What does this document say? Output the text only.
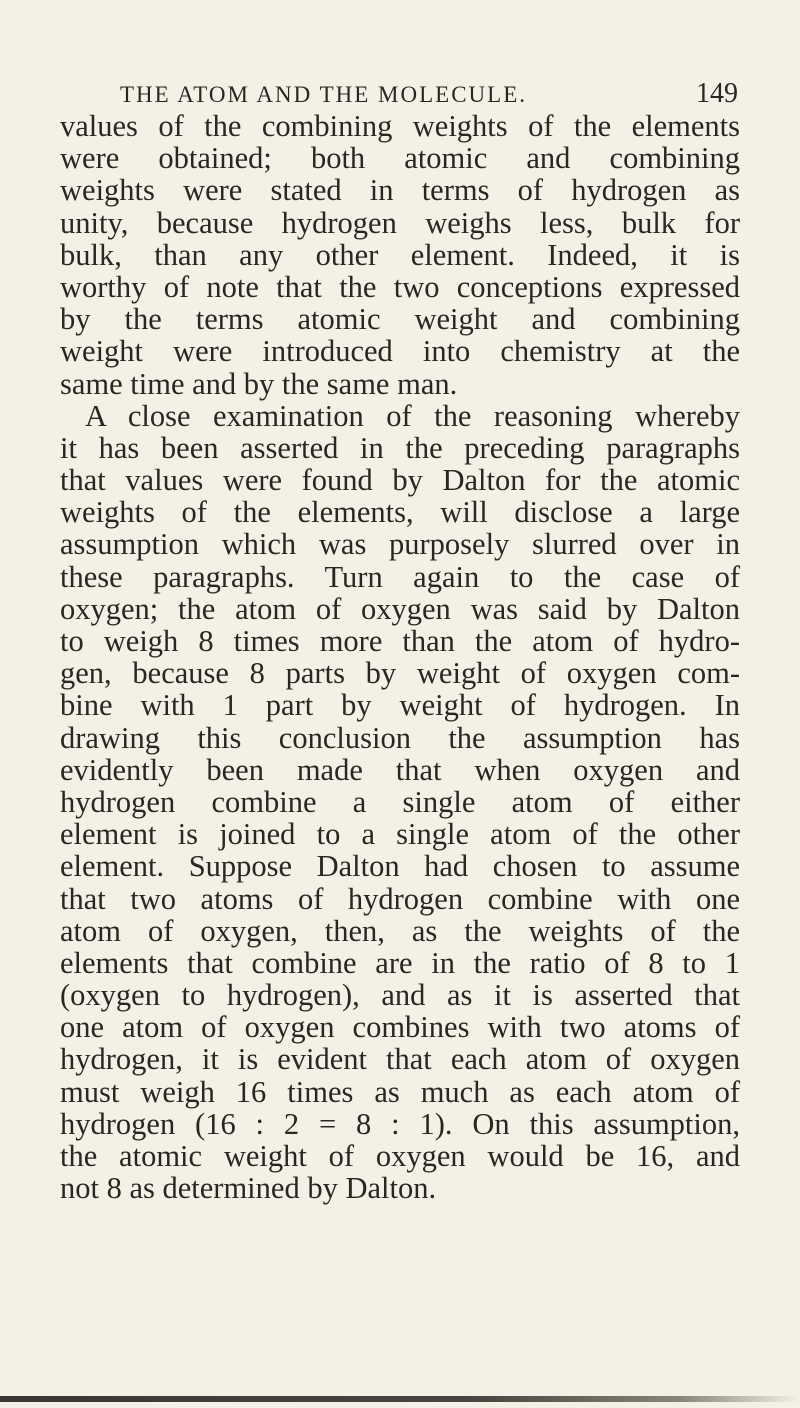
THE ATOM AND THE MOLECULE.	149
values of the combining weights of the elements
were obtained; both atomic and combining
weights were stated in terms of hydrogen as
unity, because hydrogen weighs less, bulk for
bulk, than any other element. Indeed, it is
worthy of note that the two conceptions expressed
by the terms atomic weight and combining
weight were introduced into chemistry at the
same time and by the same man.
A close examination of the reasoning whereby
it has been asserted in the preceding paragraphs
that values were found by Dalton for the atomic
weights of the elements, will disclose a large
assumption which was purposely slurred over in
these paragraphs. Turn again to the case of
oxygen; the atom of oxygen was said by Dalton
to weigh 8 times more than the atom of hydro-
gen, because 8 parts by weight of oxygen com-
bine with 1 part by weight of hydrogen. In
drawing this conclusion the assumption has
evidently been made that when oxygen and
hydrogen combine a single atom of either
element is joined to a single atom of the other
element. Suppose Dalton had chosen to assume
that two atoms of hydrogen combine with one
atom of oxygen, then, as the weights of the
elements that combine are in the ratio of 8 to 1
(oxygen to hydrogen), and as it is asserted that
one atom of oxygen combines with two atoms of
hydrogen, it is evident that each atom of oxygen
must weigh 16 times as much as each atom of
hydrogen (16 : 2 = 8 : 1). On this assumption,
the atomic weight of oxygen would be 16, and
not 8 as determined by Dalton.
